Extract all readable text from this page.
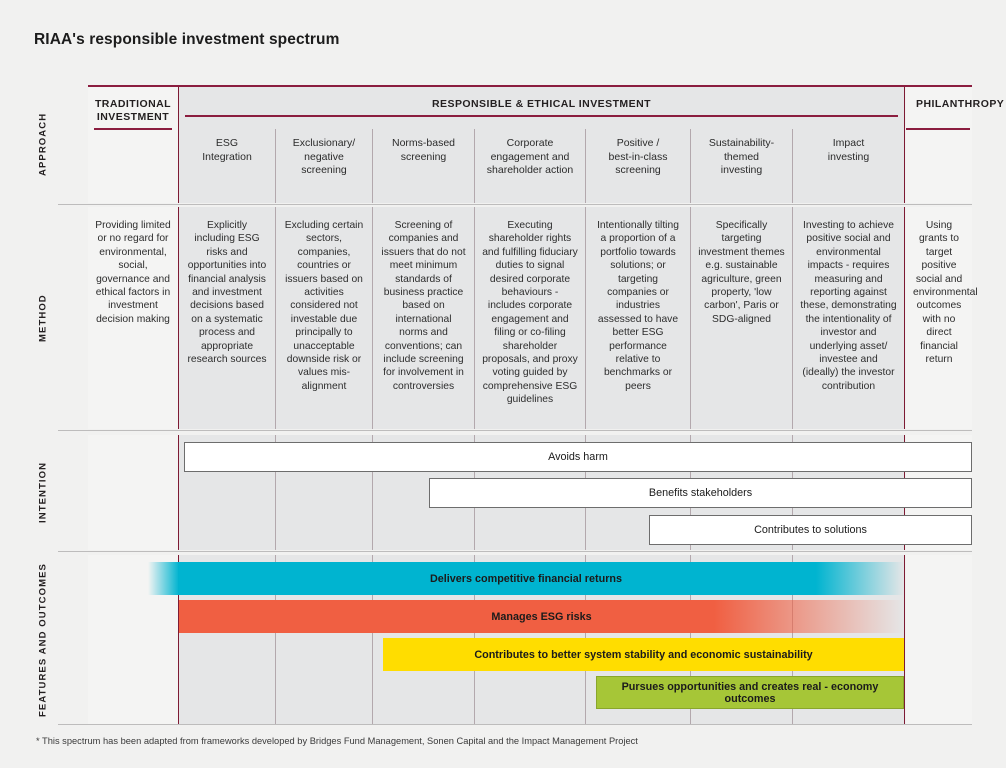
RIAA's responsible investment spectrum
APPROACH
METHOD
INTENTION
FEATURES AND OUTCOMES
TRADITIONAL
INVESTMENT
RESPONSIBLE & ETHICAL INVESTMENT	PHILANTHROPY
ESG
Integration
Exclusionary/
negative
screening
Norms-based
screening
Corporate
engagement and
shareholder action
Positive /
best-in-class
screening
Sustainability-
themed
investing
Impact
investing
Providing limited or no regard for environmental, social, governance and ethical factors in investment decision making
Explicitly including ESG risks and opportunities into financial analysis and investment decisions based on a systematic process and appropriate research sources
Excluding certain sectors, companies, countries or issuers based on activities considered not investable due principally to unacceptable downside risk or values mis-alignment
Screening of companies and issuers that do not meet minimum standards of business practice based on international norms and conventions; can include screening for involvement in controversies
Executing shareholder rights and fulfilling fiduciary duties to signal desired corporate behaviours - includes corporate engagement and filing or co-filing shareholder proposals, and proxy voting guided by comprehensive ESG guidelines
Intentionally tilting a proportion of a portfolio towards solutions; or targeting companies or industries assessed to have better ESG performance relative to benchmarks or peers
Specifically targeting investment themes e.g. sustainable agriculture, green property, 'low carbon', Paris or SDG-aligned
Investing to achieve positive social and environmental impacts - requires measuring and reporting against these, demonstrating the intentionality of investor and underlying asset/ investee and (ideally) the investor contribution
Using grants to target positive social and environmental outcomes with no direct financial return
Avoids harm
Benefits stakeholders
Contributes to solutions
Delivers competitive financial returns
Manages ESG risks
Contributes to better system stability and economic sustainability
Pursues opportunities and creates real - economy outcomes
* This spectrum has been adapted from frameworks developed by Bridges Fund Management, Sonen Capital and the Impact Management Project
